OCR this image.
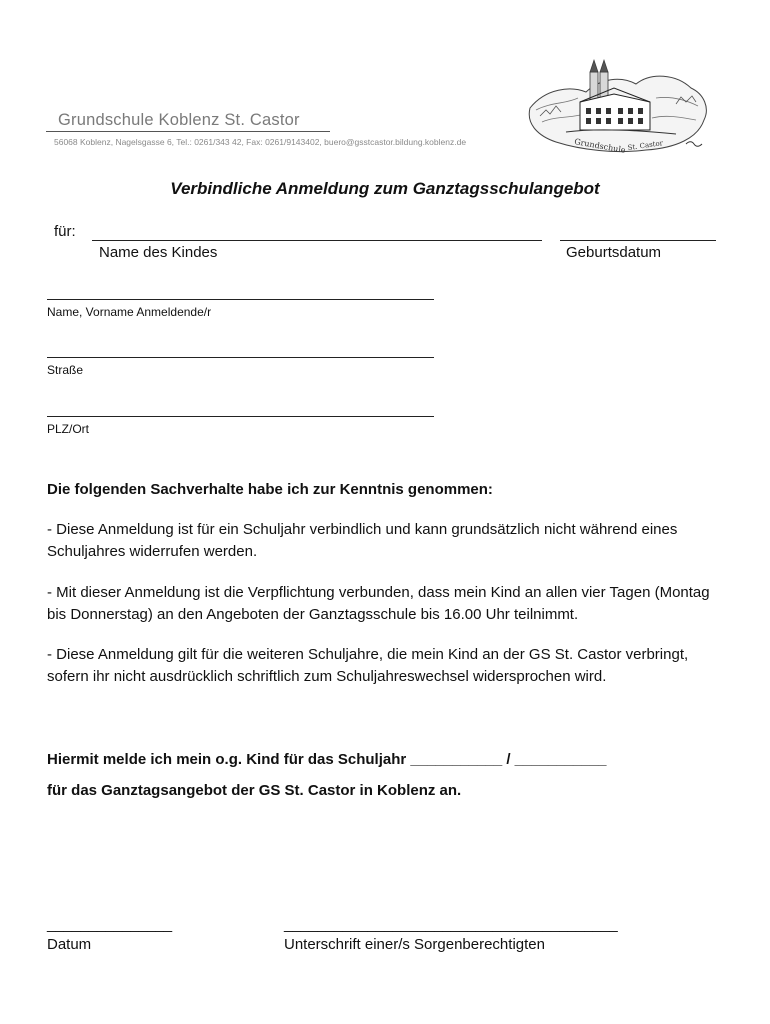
Grundschule Koblenz St. Castor
56068 Koblenz, Nagelsgasse 6, Tel.: 0261/343 42, Fax: 0261/9143402, buero@gsstcastor.bildung.koblenz.de	Grundschule St. Castor
Verbindliche Anmeldung zum Ganztagsschulangebot
für:
Name des Kindes	Geburtsdatum
Name, Vorname Anmeldende/r
Straße
PLZ/Ort
Die folgenden Sachverhalte habe ich zur Kenntnis genommen:
- Diese Anmeldung ist für ein Schuljahr verbindlich und kann grundsätzlich nicht während eines Schuljahres widerrufen werden.
- Mit dieser Anmeldung ist die Verpflichtung verbunden, dass mein Kind an allen vier Tagen (Montag bis Donnerstag) an den Angeboten der Ganztagsschule bis 16.00 Uhr teilnimmt.
- Diese Anmeldung gilt für die weiteren Schuljahre, die mein Kind an der GS St. Castor verbringt, sofern ihr nicht ausdrücklich schriftlich zum Schuljahreswechsel widersprochen wird.
Hiermit melde ich mein o.g. Kind für das Schuljahr ___________ / ___________
für das Ganztagsangebot der GS St. Castor in Koblenz an.
_______________
Datum
________________________________________
Unterschrift einer/s Sorgenberechtigten
